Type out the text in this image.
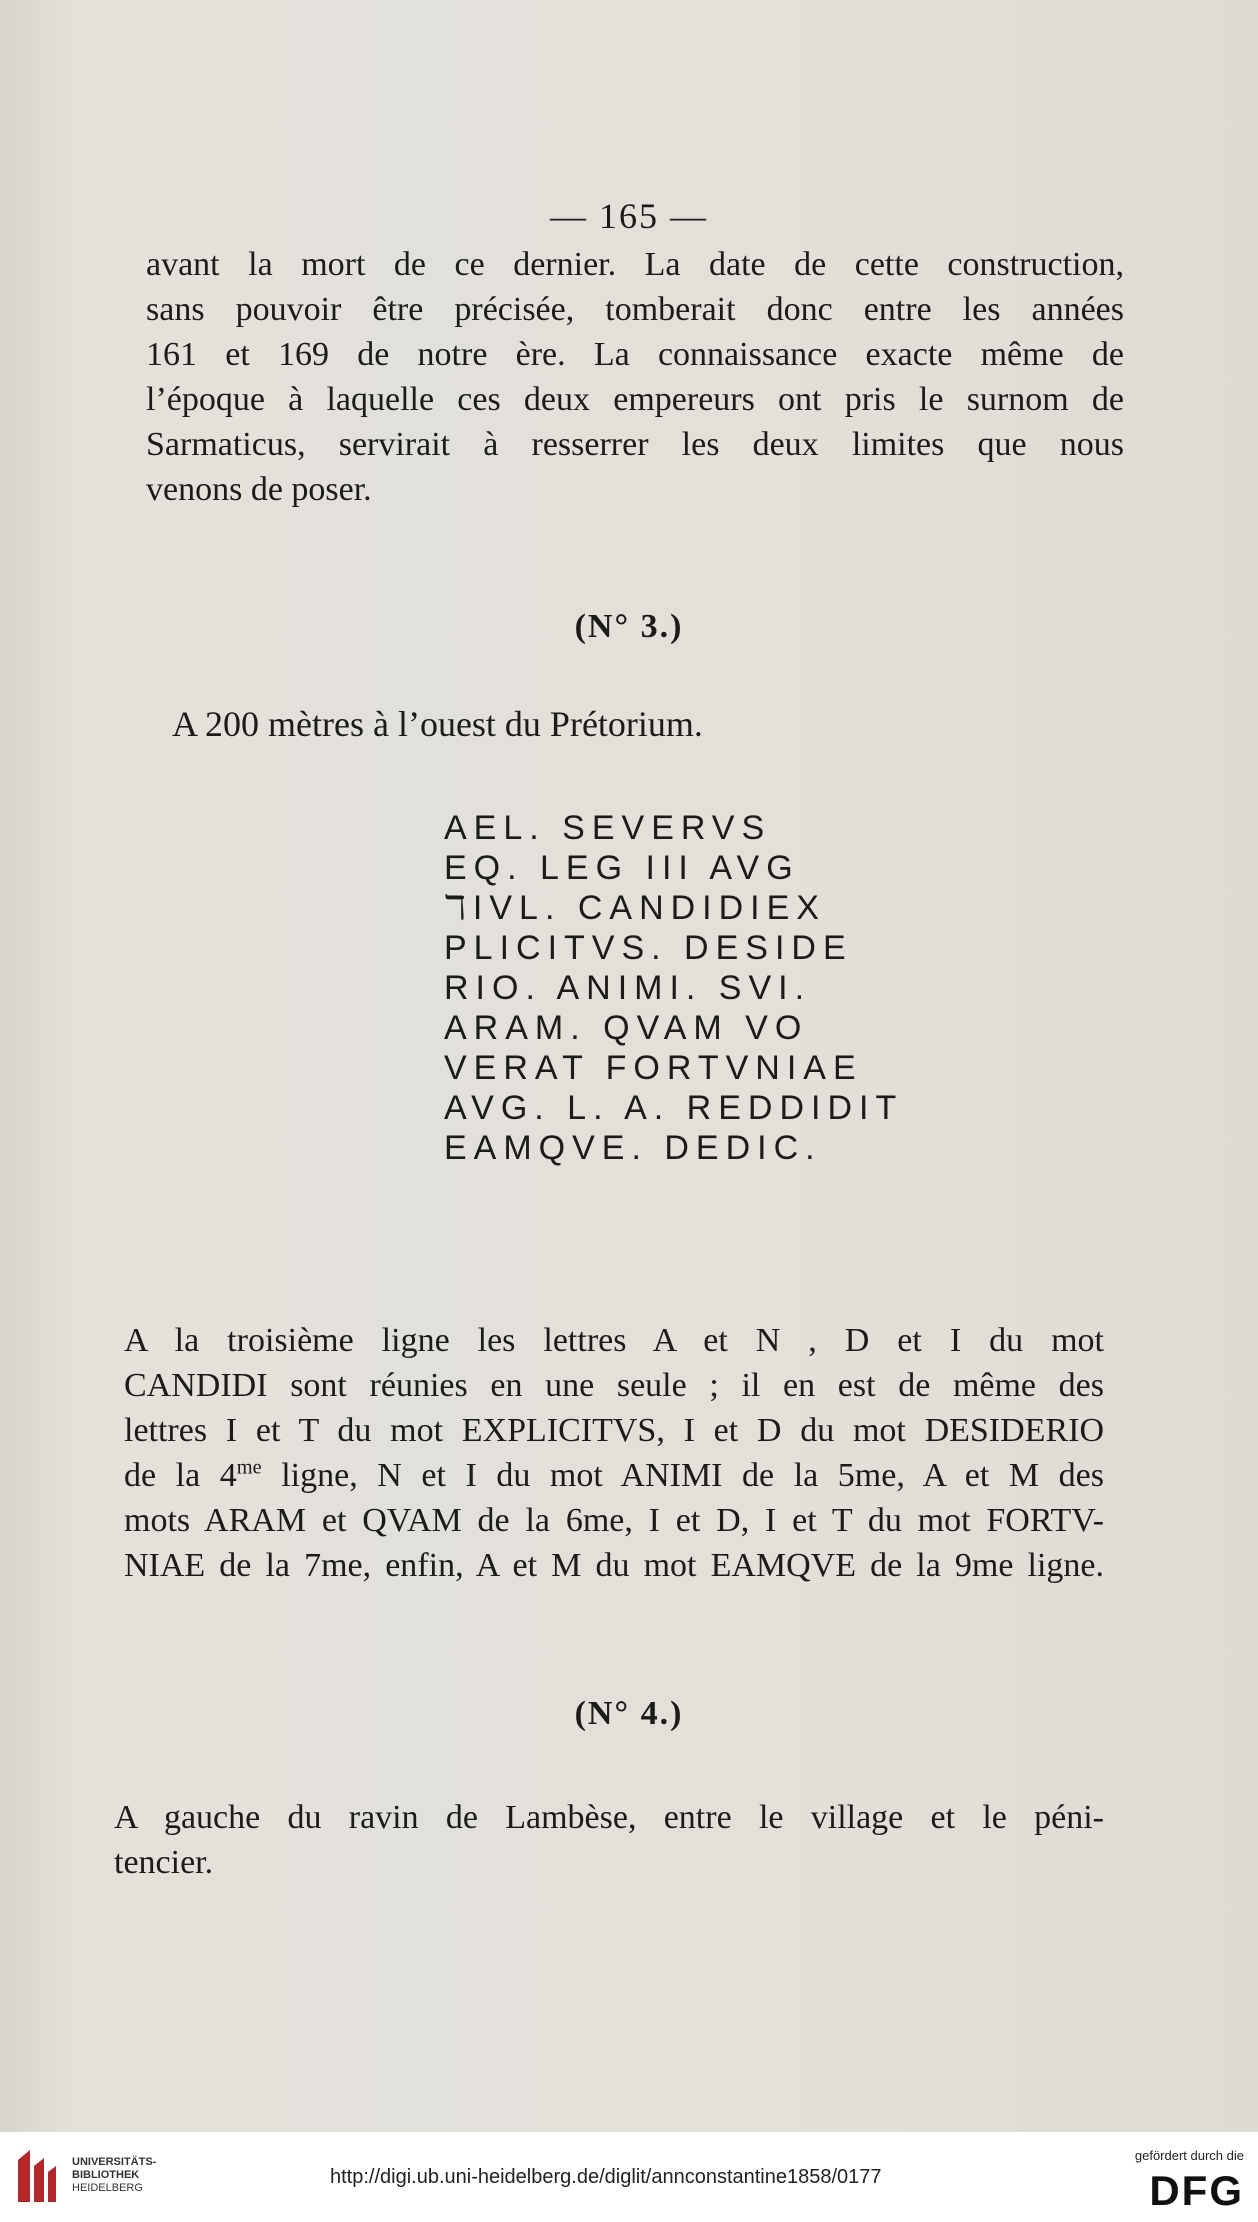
— 165 —
avant la mort de ce dernier. La date de cette construction,
sans pouvoir être précisée, tomberait donc entre les années
161 et 169 de notre ère. La connaissance exacte même de
l’époque à laquelle ces deux empereurs ont pris le surnom de
Sarmaticus, servirait à resserrer les deux limites que nous
venons de poser.
(N° 3.)
A 200 mètres à l’ouest du Prétorium.
AEL. SEVERVS
EQ. LEG III AVG
ℸIVL. CANDIDIEX
PLICITVS. DESIDE
RIO. ANIMI. SVI.
ARAM. QVAM VO
VERAT FORTVNIAE
AVG. L. A. REDDIDIT
EAMQVE. DEDIC.
A la troisième ligne les lettres A et N , D et I du mot
CANDIDI sont réunies en une seule ; il en est de même des
lettres I et T du mot EXPLICITVS, I et D du mot DESIDERIO
de la $4^{me}$ ligne, N et I du mot ANIMI de la 5me, A et M des
mots ARAM et QVAM de la 6me, I et D, I et T du mot FORTV-
NIAE de la 7me, enfin, A et M du mot EAMQVE de la 9me ligne.
(N° 4.)
A gauche du ravin de Lambèse, entre le village et le péni-
tencier.
UNIVERSITÄTS-
BIBLIOTHEK
HEIDELBERG	http://digi.ub.uni-heidelberg.de/diglit/annconstantine1858/0177
gefördert durch die
DFG
